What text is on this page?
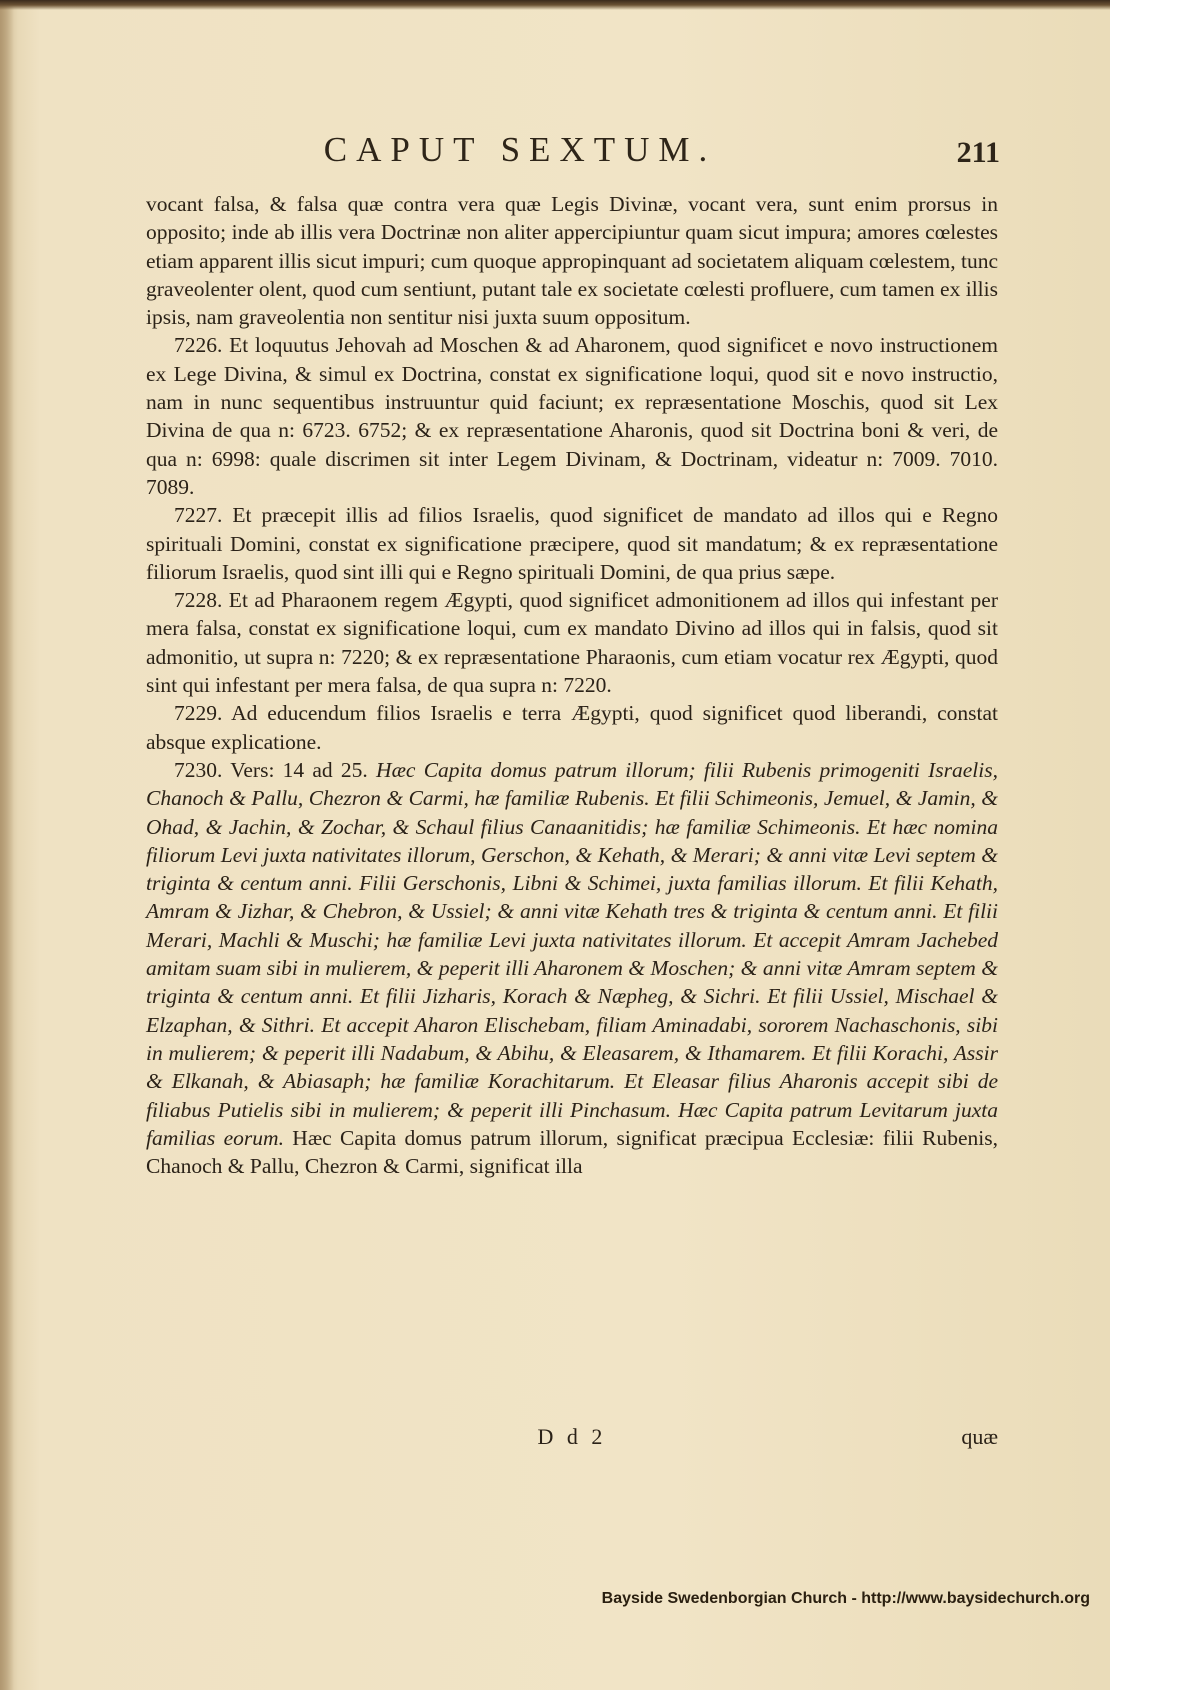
CAPUT SEXTUM.	211

vocant falsa, & falsa quæ contra vera quæ Legis Divinæ, vocant vera, sunt enim prorsus in opposito; inde ab illis vera Doctrinæ non aliter appercipiuntur quam sicut impura; amores cœlestes etiam apparent illis sicut impuri; cum quoque appropinquant ad societatem aliquam cœlestem, tunc graveolenter olent, quod cum sentiunt, putant tale ex societate cœlesti profluere, cum tamen ex illis ipsis, nam graveolentia non sentitur nisi juxta suum oppositum.

7226. Et loquutus Jehovah ad Moschen & ad Aharonem, quod significet e novo instructionem ex Lege Divina, & simul ex Doctrina, constat ex significatione loqui, quod sit e novo instructio, nam in nunc sequentibus instruuntur quid faciunt; ex repræsentatione Moschis, quod sit Lex Divina de qua n: 6723. 6752; & ex repræsentatione Aharonis, quod sit Doctrina boni & veri, de qua n: 6998: quale discrimen sit inter Legem Divinam, & Doctrinam, videatur n: 7009. 7010. 7089.

7227. Et præcepit illis ad filios Israelis, quod significet de mandato ad illos qui e Regno spirituali Domini, constat ex significatione præcipere, quod sit mandatum; & ex repræsentatione filiorum Israelis, quod sint illi qui e Regno spirituali Domini, de qua prius sæpe.

7228. Et ad Pharaonem regem Ægypti, quod significet admonitionem ad illos qui infestant per mera falsa, constat ex significatione loqui, cum ex mandato Divino ad illos qui in falsis, quod sit admonitio, ut supra n: 7220; & ex repræsentatione Pharaonis, cum etiam vocatur rex Ægypti, quod sint qui infestant per mera falsa, de qua supra n: 7220.

7229. Ad educendum filios Israelis e terra Ægypti, quod significet quod liberandi, constat absque explicatione.

7230. Vers: 14 ad 25. Hæc Capita domus patrum illorum; filii Rubenis primogeniti Israelis, Chanoch & Pallu, Chezron & Carmi, hæ familiæ Rubenis. Et filii Schimeonis, Jemuel, & Jamin, & Ohad, & Jachin, & Zochar, & Schaul filius Canaanitidis; hæ familiæ Schimeonis. Et hæc nomina filiorum Levi juxta nativitates illorum, Gerschon, & Kehath, & Merari; & anni vitæ Levi septem & triginta & centum anni. Filii Gerschonis, Libni & Schimei, juxta familias illorum. Et filii Kehath, Amram & Jizhar, & Chebron, & Ussiel; & anni vitæ Kehath tres & triginta & centum anni. Et filii Merari, Machli & Muschi; hæ familiæ Levi juxta nativitates illorum. Et accepit Amram Jachebed amitam suam sibi in mulierem, & peperit illi Aharonem & Moschen; & anni vitæ Amram septem & triginta & centum anni. Et filii Jizharis, Korach & Næpheg, & Sichri. Et filii Ussiel, Mischael & Elzaphan, & Sithri. Et accepit Aharon Elischebam, filiam Aminadabi, sororem Nachaschonis, sibi in mulierem; & peperit illi Nadabum, & Abihu, & Eleasarem, & Ithamarem. Et filii Korachi, Assir & Elkanah, & Abiasaph; hæ familiæ Korachitarum. Et Eleasar filius Aharonis accepit sibi de filiabus Putielis sibi in mulierem; & peperit illi Pinchasum. Hæc Capita patrum Levitarum juxta familias eorum. Hæc Capita domus patrum illorum, significat præcipua Ecclesiæ: filii Rubenis, Chanoch & Pallu, Chezron & Carmi, significat illa

D d 2	quæ
Bayside Swedenborgian Church - http://www.baysidechurch.org
